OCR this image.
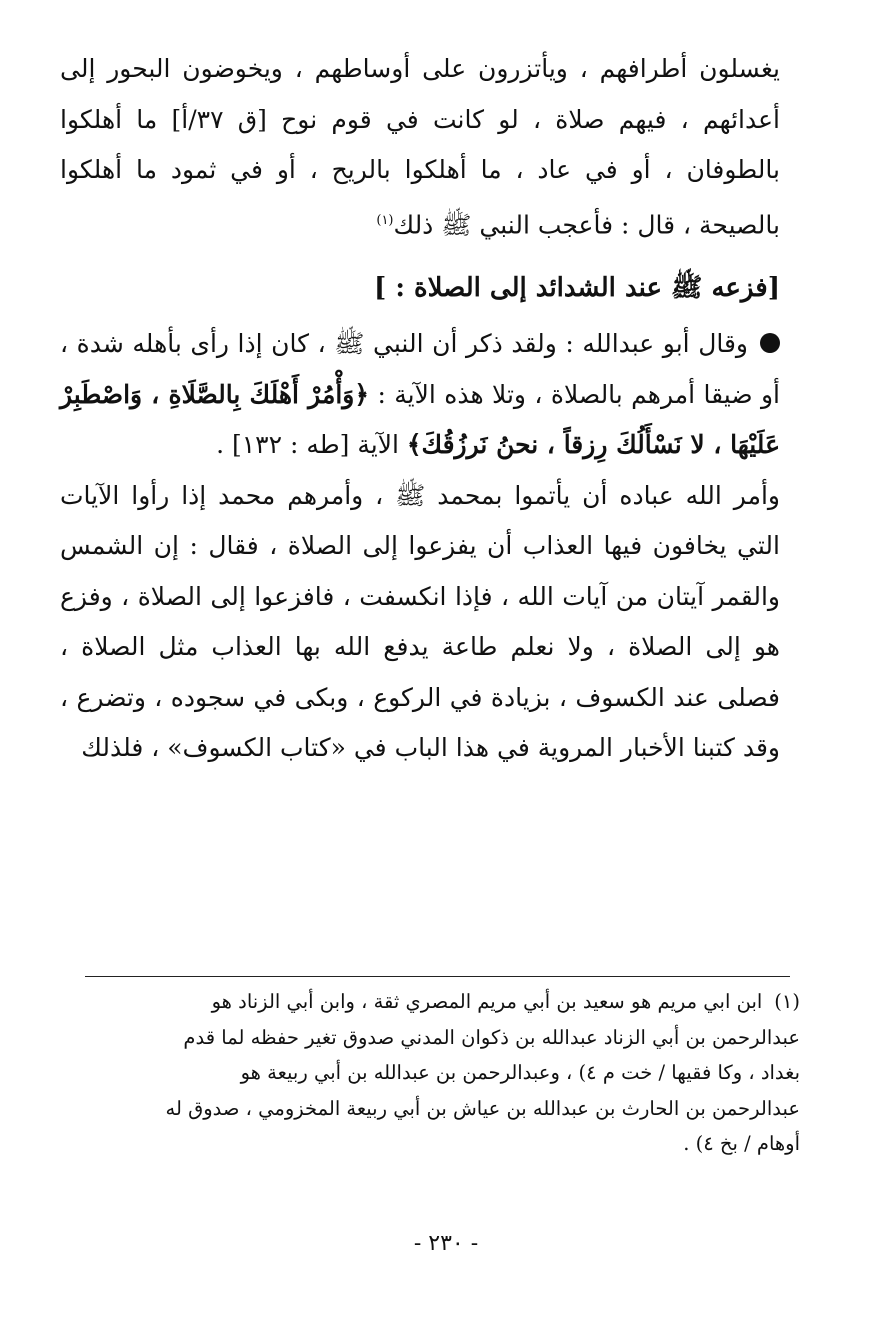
يغسلون أطرافهم ، ويأتزرون على أوساطهم ، ويخوضون البحور إلى أعدائهم ، فيهم صلاة ، لو كانت في قوم نوح [ق ٣٧/أ] ما أهلكوا بالطوفان ، أو في عاد ، ما أهلكوا بالريح ، أو في ثمود ما أهلكوا بالصيحة ، قال : فأعجب النبي ﷺ ذلك$^{(١)}$

[فزعه ﷺ عند الشدائد إلى الصلاة : ]

وقال أبو عبدالله : ولقد ذكر أن النبي ﷺ ، كان إذا رأى بأهله شدة ، أو ضيقا أمرهم بالصلاة ، وتلا هذه الآية : ﴿وَأْمُرْ أَهْلَكَ بِالصَّلَاةِ ، وَاصْطَبِرْ عَلَيْهَا ، لا نَسْأَلُكَ رِزقاً ، نحنُ نَرزُقُكَ﴾ الآية [طه : ١٣٢] .

وأمر الله عباده أن يأتموا بمحمد ﷺ ، وأمرهم محمد إذا رأوا الآيات التي يخافون فيها العذاب أن يفزعوا إلى الصلاة ، فقال : إن الشمس والقمر آيتان من آيات الله ، فإذا انكسفت ، فافزعوا إلى الصلاة ، وفزع هو إلى الصلاة ، ولا نعلم طاعة يدفع الله بها العذاب مثل الصلاة ، فصلى عند الكسوف ، بزيادة في الركوع ، وبكى في سجوده ، وتضرع ، وقد كتبنا الأخبار المروية في هذا الباب في «كتاب الكسوف» ، فلذلك

(١)ابن ابي مريم هو سعيد بن أبي مريم المصري ثقة ، وابن أبي الزناد هو
عبدالرحمن بن أبي الزناد عبدالله بن ذكوان المدني صدوق تغير حفظه لما قدم
بغداد ، وكا فقيها / خت م ٤) ، وعبدالرحمن بن عبدالله بن أبي ربيعة هو
عبدالرحمن بن الحارث بن عبدالله بن عياش بن أبي ربيعة المخزومي ، صدوق له
أوهام / بخ ٤) .
- ٢٣٠ -
